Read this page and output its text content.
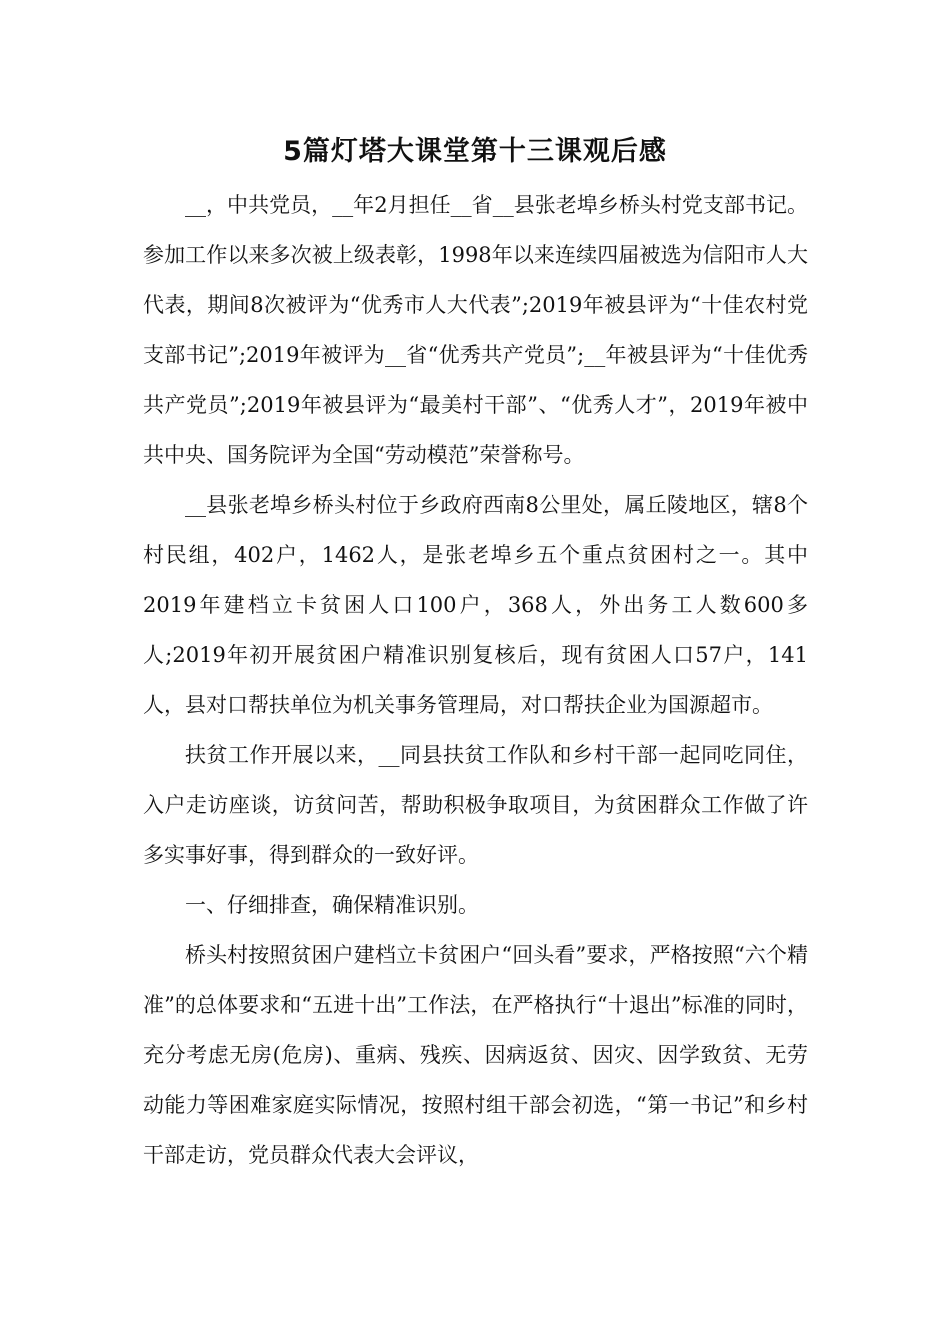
5篇灯塔大课堂第十三课观后感

__，中共党员，__年2月担任__省__县张老埠乡桥头村党支部书记。参加工作以来多次被上级表彰，1998年以来连续四届被选为信阳市人大代表，期间8次被评为“优秀市人大代表”;2019年被县评为“十佳农村党支部书记”;2019年被评为__省“优秀共产党员”;__年被县评为“十佳优秀共产党员”;2019年被县评为“最美村干部”、“优秀人才”，2019年被中共中央、国务院评为全国“劳动模范”荣誉称号。

__县张老埠乡桥头村位于乡政府西南8公里处，属丘陵地区，辖8个村民组，402户，1462人，是张老埠乡五个重点贫困村之一。其中2019年建档立卡贫困人口100户，368人，外出务工人数600多人;2019年初开展贫困户精准识别复核后，现有贫困人口57户，141人，县对口帮扶单位为机关事务管理局，对口帮扶企业为国源超市。

扶贫工作开展以来，__同县扶贫工作队和乡村干部一起同吃同住，入户走访座谈，访贫问苦，帮助积极争取项目，为贫困群众工作做了许多实事好事，得到群众的一致好评。

一、仔细排查，确保精准识别。

桥头村按照贫困户建档立卡贫困户“回头看”要求，严格按照“六个精准”的总体要求和“五进十出”工作法，在严格执行“十退出”标准的同时，充分考虑无房(危房)、重病、残疾、因病返贫、因灾、因学致贫、无劳动能力等困难家庭实际情况，按照村组干部会初选，“第一书记”和乡村干部走访，党员群众代表大会评议，
